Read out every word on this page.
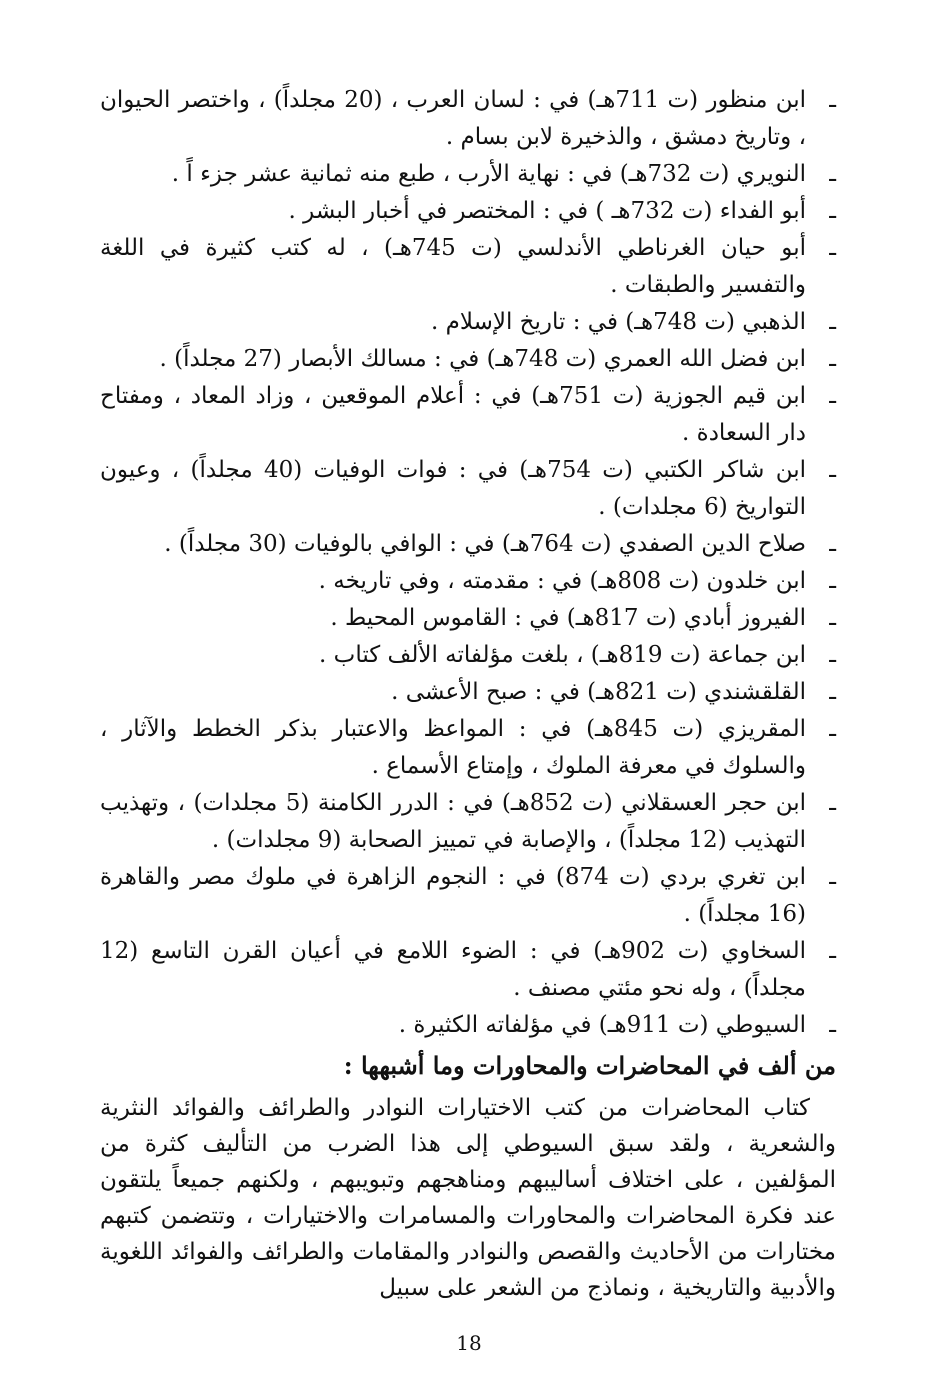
ـ
ابن منظور (ت 711هـ) في : لسان العرب ، (20 مجلداً) ، واختصر الحيوان ، وتاريخ دمشق ، والذخيرة لابن بسام .
ـ
النويري (ت 732هـ) في : نهاية الأرب ، طبع منه ثمانية عشر جزء اً .
ـ
أبو الفداء (ت 732هـ ) في : المختصر في أخبار البشر .
ـ
أبو حيان الغرناطي الأندلسي (ت 745هـ) ، له كتب كثيرة في اللغة والتفسير والطبقات .
ـ
الذهبي (ت 748هـ) في : تاريخ الإسلام .
ـ
ابن فضل الله العمري (ت 748هـ) في : مسالك الأبصار (27 مجلداً) .
ـ
ابن قيم الجوزية (ت 751هـ) في : أعلام الموقعين ، وزاد المعاد ، ومفتاح دار السعادة .
ـ
ابن شاكر الكتبي (ت 754هـ) في : فوات الوفيات (40 مجلداً) ، وعيون التواريخ (6 مجلدات) .
ـ
صلاح الدين الصفدي (ت 764هـ) في : الوافي بالوفيات (30 مجلداً) .
ـ
ابن خلدون (ت 808هـ) في : مقدمته ، وفي تاريخه .
ـ
الفيروز أبادي (ت 817هـ) في : القاموس المحيط .
ـ
ابن جماعة (ت 819هـ) ، بلغت مؤلفاته الألف كتاب .
ـ
القلقشندي (ت 821هـ) في : صبح الأعشى .
ـ
المقريزي (ت 845هـ) في : المواعظ والاعتبار بذكر الخطط والآثار ، والسلوك في معرفة الملوك ، وإمتاع الأسماع .
ـ
ابن حجر العسقلاني (ت 852هـ) في : الدرر الكامنة (5 مجلدات) ، وتهذيب التهذيب (12 مجلداً) ، والإصابة في تمييز الصحابة (9 مجلدات) .
ـ
ابن تغري بردي (ت 874) في : النجوم الزاهرة في ملوك مصر والقاهرة (16 مجلداً) .
ـ
السخاوي (ت 902هـ) في : الضوء اللامع في أعيان القرن التاسع (12 مجلداً) ، وله نحو مئتي مصنف .
ـ
السيوطي (ت 911هـ) في مؤلفاته الكثيرة .
من ألف في المحاضرات والمحاورات وما أشبهها :

كتاب المحاضرات من كتب الاختيارات النوادر والطرائف والفوائد النثرية والشعرية ، ولقد سبق السيوطي إلى هذا الضرب من التأليف كثرة من المؤلفين ، على اختلاف أساليبهم ومناهجهم وتبويبهم ، ولكنهم جميعاً يلتقون عند فكرة المحاضرات والمحاورات والمسامرات والاختيارات ، وتتضمن كتبهم مختارات من الأحاديث والقصص والنوادر والمقامات والطرائف والفوائد اللغوية والأدبية والتاريخية ، ونماذج من الشعر على سبيل

18
